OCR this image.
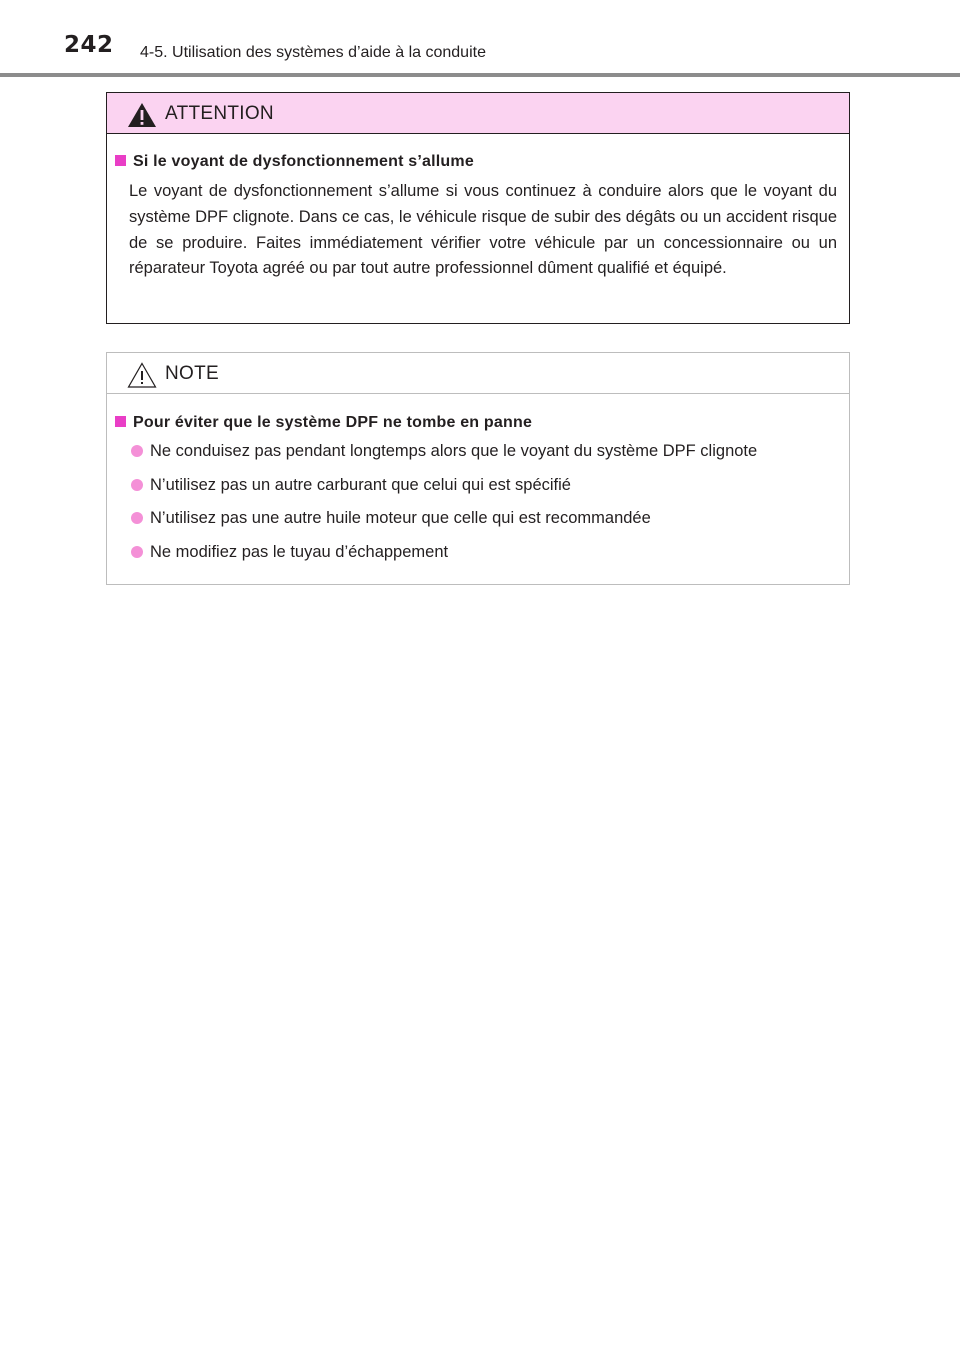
242 4-5. Utilisation des systèmes d’aide à la conduite
ATTENTION
Si le voyant de dysfonctionnement s’allume
Le voyant de dysfonctionnement s’allume si vous continuez à conduire alors que le voyant du système DPF clignote. Dans ce cas, le véhicule risque de subir des dégâts ou un accident risque de se produire. Faites immédiatement vérifier votre véhicule par un concessionnaire ou un réparateur Toyota agréé ou par tout autre professionnel dûment qualifié et équipé.
NOTE
Pour éviter que le système DPF ne tombe en panne
Ne conduisez pas pendant longtemps alors que le voyant du système DPF clignote
N’utilisez pas un autre carburant que celui qui est spécifié
N’utilisez pas une autre huile moteur que celle qui est recommandée
Ne modifiez pas le tuyau d’échappement
